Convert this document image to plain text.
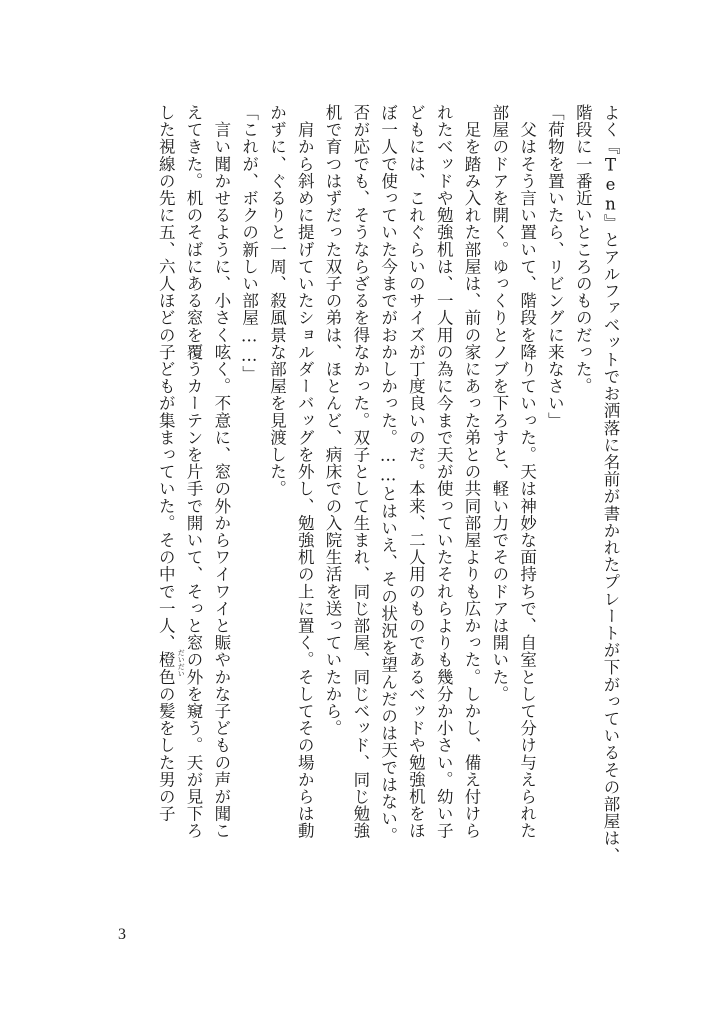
よく『Ten』とアルファベットでお洒落に名前が書かれたプレートが下がっているその部屋は、
階段に一番近いところのものだった。
「荷物を置いたら、リビングに来なさい」
　父はそう言い置いて、階段を降りていった。天は神妙な面持ちで、自室として分け与えられた
部屋のドアを開く。ゆっくりとノブを下ろすと、軽い力でそのドアは開いた。
　足を踏み入れた部屋は、前の家にあった弟との共同部屋よりも広かった。しかし、備え付けら
れたベッドや勉強机は、一人用の為に今まで天が使っていたそれらよりも幾分か小さい。幼い子
どもには、これぐらいのサイズが丁度良いのだ。本来、二人用のものであるベッドや勉強机をほ
ぼ一人で使っていた今までがおかしかった。……とはいえ、その状況を望んだのは天ではない。
否が応でも、そうならざるを得なかった。双子として生まれ、同じ部屋、同じベッド、同じ勉強
机で育つはずだった双子の弟は、ほとんど、病床での入院生活を送っていたから。
　肩から斜めに提げていたショルダーバッグを外し、勉強机の上に置く。そしてその場からは動
かずに、ぐるりと一周、殺風景な部屋を見渡した。
「これが、ボクの新しい部屋……」
　言い聞かせるように、小さく呟く。不意に、窓の外からワイワイと賑やかな子どもの声が聞こ
えてきた。机のそばにある窓を覆うカーテンを片手で開いて、そっと窓の外を窺う。天が見下ろ
した視線の先に五、六人ほどの子どもが集まっていた。その中で一人、橙 だいだい
色の髪をした男の子
3
